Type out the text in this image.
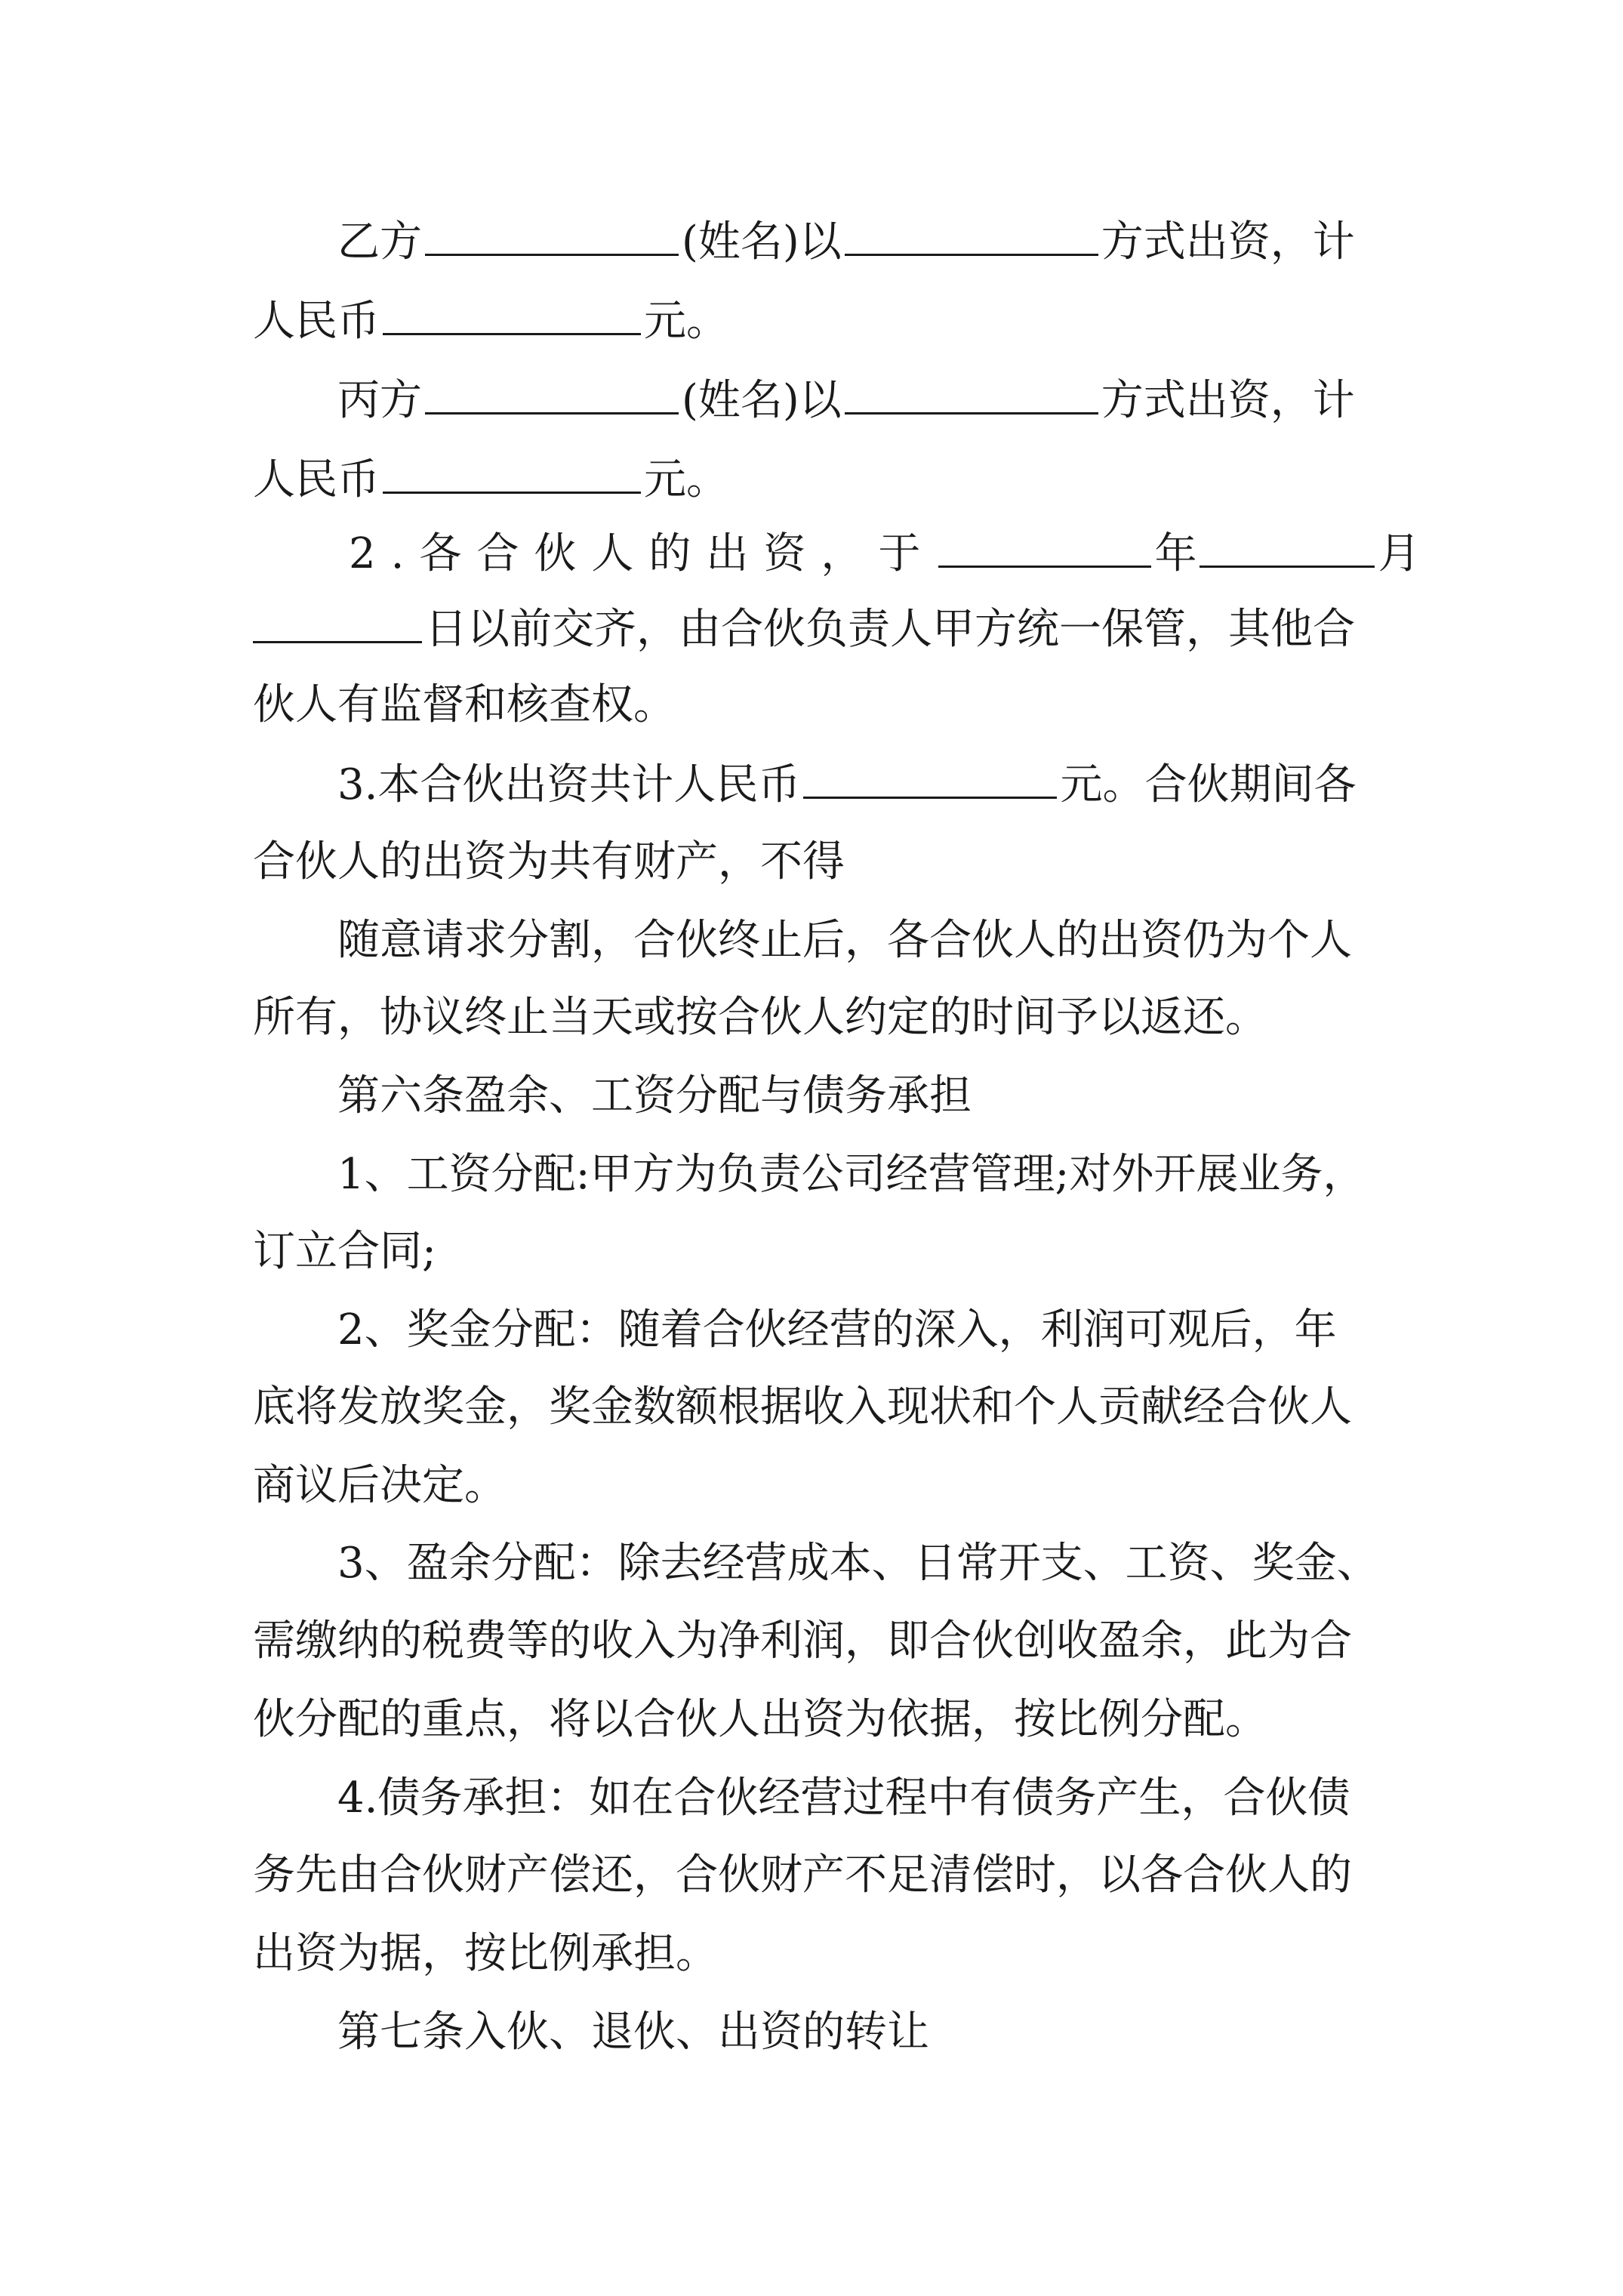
乙方	(姓名)以	方式出资，计
人民币	元。
丙方	(姓名)以	方式出资，计
人民币	元。
2.各合伙人的出资，于	年	月
日以前交齐，由合伙负责人甲方统一保管，其他合
伙人有监督和核查权。
3.本合伙出资共计人民币	元。合伙期间各
合伙人的出资为共有财产，不得
随意请求分割，合伙终止后，各合伙人的出资仍为个人
所有，协议终止当天或按合伙人约定的时间予以返还。
第六条盈余、工资分配与债务承担
1、工资分配:甲方为负责公司经营管理;对外开展业务，
订立合同;
2、奖金分配：随着合伙经营的深入，利润可观后，年
底将发放奖金，奖金数额根据收入现状和个人贡献经合伙人
商议后决定。
3、盈余分配：除去经营成本、日常开支、工资、奖金、
需缴纳的税费等的收入为净利润，即合伙创收盈余，此为合
伙分配的重点，将以合伙人出资为依据，按比例分配。
4.债务承担：如在合伙经营过程中有债务产生，合伙债
务先由合伙财产偿还，合伙财产不足清偿时，以各合伙人的
出资为据，按比例承担。
第七条入伙、退伙、出资的转让
